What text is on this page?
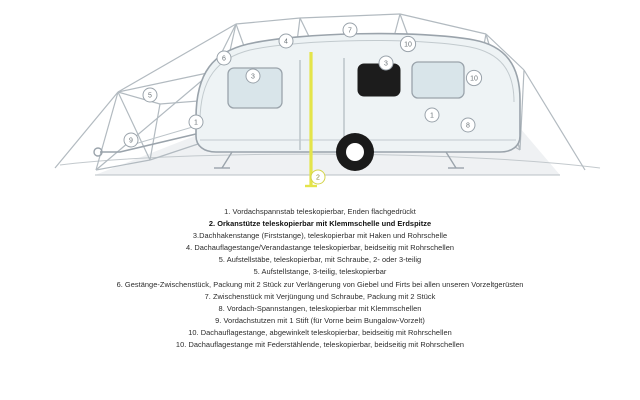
1
1
2
3
3
4
5
6
7
8
9
10
10
1. Vordachspannstab teleskopierbar, Enden flachgedrückt
2. Orkanstütze teleskopierbar mit Klemmschelle und Erdspitze
3.Dachhakenstange (Firststange), teleskopierbar mit Haken und Rohrschelle
4. Dachauflagestange/Verandastange teleskopierbar, beidseitig mit Rohrschellen
5. Aufstellstäbe, teleskopierbar, mit Schraube, 2- oder 3-teilig
5. Aufstellstange, 3-teilig, teleskopierbar
6. Gestänge-Zwischenstück, Packung mit 2 Stück zur Verlängerung von Giebel und Firts bei allen unseren Vorzeltgerüsten
7. Zwischenstück mit Verjüngung und Schraube, Packung mit 2 Stück
8. Vordach-Spannstangen, teleskopierbar mit Klemmschellen
9. Vordachstutzen mit 1 Stift (für Vorne beim Bungalow-Vorzelt)
10. Dachauflagestange, abgewinkelt teleskopierbar, beidseitig mit Rohrschellen
10. Dachauflagestange mit Federstählende, teleskopierbar, beidseitig mit Rohrschellen
